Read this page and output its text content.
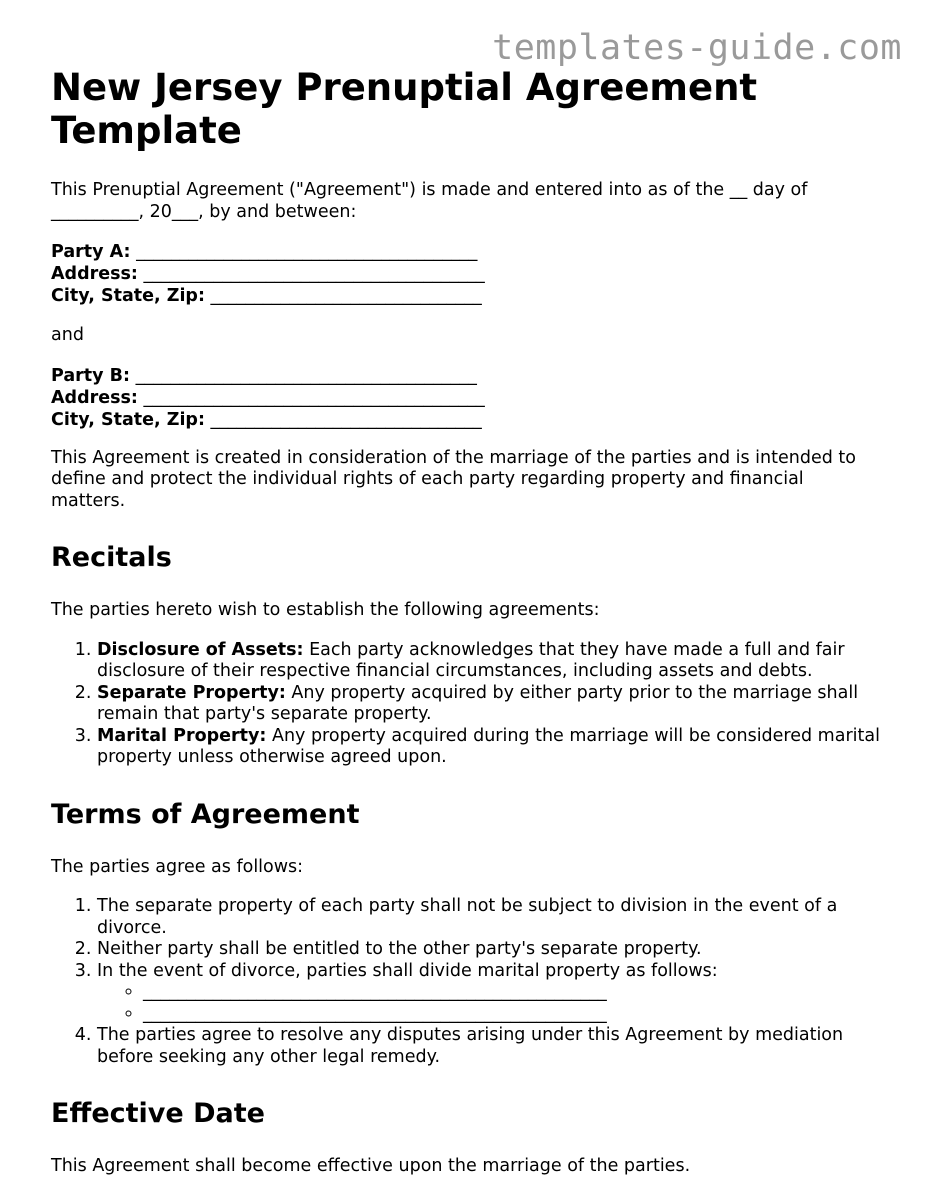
templates-guide.com
New Jersey Prenuptial Agreement Template

This Prenuptial Agreement ("Agreement") is made and entered into as of the __ day of __________, 20___, by and between:

Party A: _______________________________________
Address: _______________________________________
City, State, Zip: _______________________________

and

Party B: _______________________________________
Address: _______________________________________
City, State, Zip: _______________________________

This Agreement is created in consideration of the marriage of the parties and is intended to define and protect the individual rights of each party regarding property and financial matters.

Recitals

The parties hereto wish to establish the following agreements:

1. Disclosure of Assets: Each party acknowledges that they have made a full and fair disclosure of their respective financial circumstances, including assets and debts.
2. Separate Property: Any property acquired by either party prior to the marriage shall remain that party's separate property.
3. Marital Property: Any property acquired during the marriage will be considered marital property unless otherwise agreed upon.
Terms of Agreement

The parties agree as follows:

1. The separate property of each party shall not be subject to division in the event of a divorce.
2. Neither party shall be entitled to the other party's separate property.
3. In the event of divorce, parties shall divide marital property as follows:
◦ _____________________________________________________
◦ _____________________________________________________
4. The parties agree to resolve any disputes arising under this Agreement by mediation before seeking any other legal remedy.
Effective Date

This Agreement shall become effective upon the marriage of the parties.
